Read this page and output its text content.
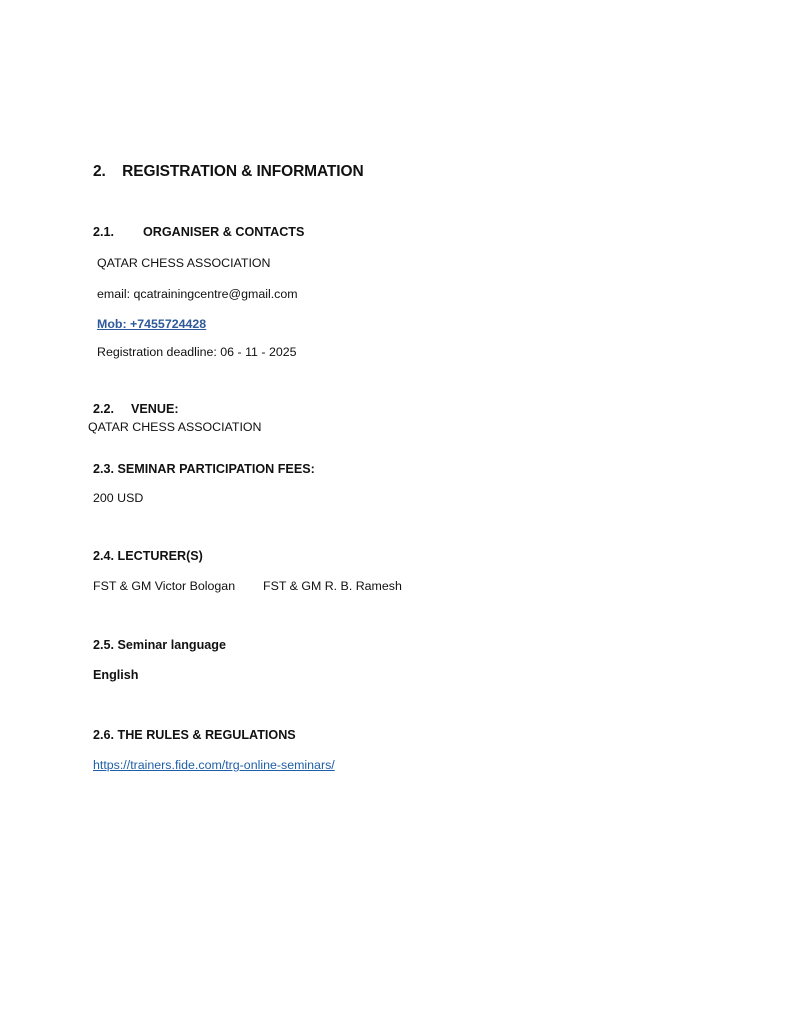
2. REGISTRATION & INFORMATION
2.1. ORGANISER & CONTACTS
QATAR CHESS ASSOCIATION
email: qcatrainingcentre@gmail.com
Mob: +7455724428
Registration deadline: 06 - 11 - 2025
2.2. VENUE:
QATAR CHESS ASSOCIATION
2.3. SEMINAR PARTICIPATION FEES:
200 USD
2.4. LECTURER(S)
FST & GM Victor Bologan FST & GM R. B. Ramesh
2.5. Seminar language
English
2.6. THE RULES & REGULATIONS
https://trainers.fide.com/trg-online-seminars/
